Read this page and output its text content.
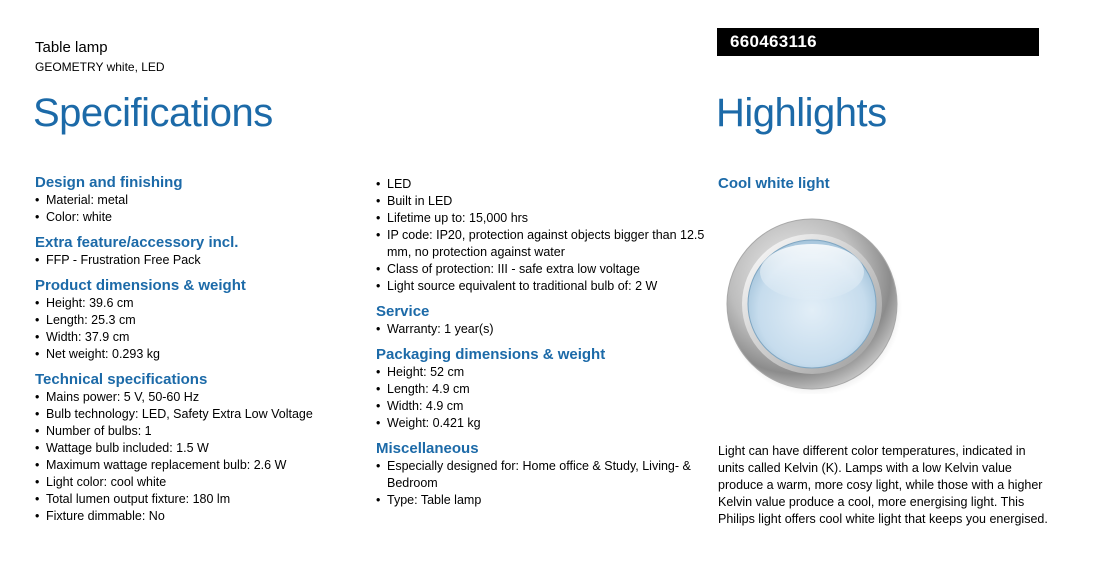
Table lamp
GEOMETRY white, LED
660463116
Specifications	Highlights
Design and finishing
• Material: metal
• Color: white
Extra feature/accessory incl.
• FFP - Frustration Free Pack
Product dimensions & weight
• Height: 39.6 cm
• Length: 25.3 cm
• Width: 37.9 cm
• Net weight: 0.293 kg
Technical specifications
• Mains power: 5 V, 50-60 Hz
• Bulb technology: LED, Safety Extra Low Voltage
• Number of bulbs: 1
• Wattage bulb included: 1.5 W
• Maximum wattage replacement bulb: 2.6 W
• Light color: cool white
• Total lumen output fixture: 180 lm
• Fixture dimmable: No
• LED
• Built in LED
• Lifetime up to: 15,000 hrs
• IP code: IP20, protection against objects bigger than 12.5 mm, no protection against water
• Class of protection: III - safe extra low voltage
• Light source equivalent to traditional bulb of: 2 W
Service
• Warranty: 1 year(s)
Packaging dimensions & weight
• Height: 52 cm
• Length: 4.9 cm
• Width: 4.9 cm
• Weight: 0.421 kg
Miscellaneous
• Especially designed for: Home office & Study, Living- & Bedroom
• Type: Table lamp
Cool white light
Light can have different color temperatures, indicated in units called Kelvin (K). Lamps with a low Kelvin value produce a warm, more cosy light, while those with a higher Kelvin value produce a cool, more energising light. This Philips light offers cool white light that keeps you energised.
